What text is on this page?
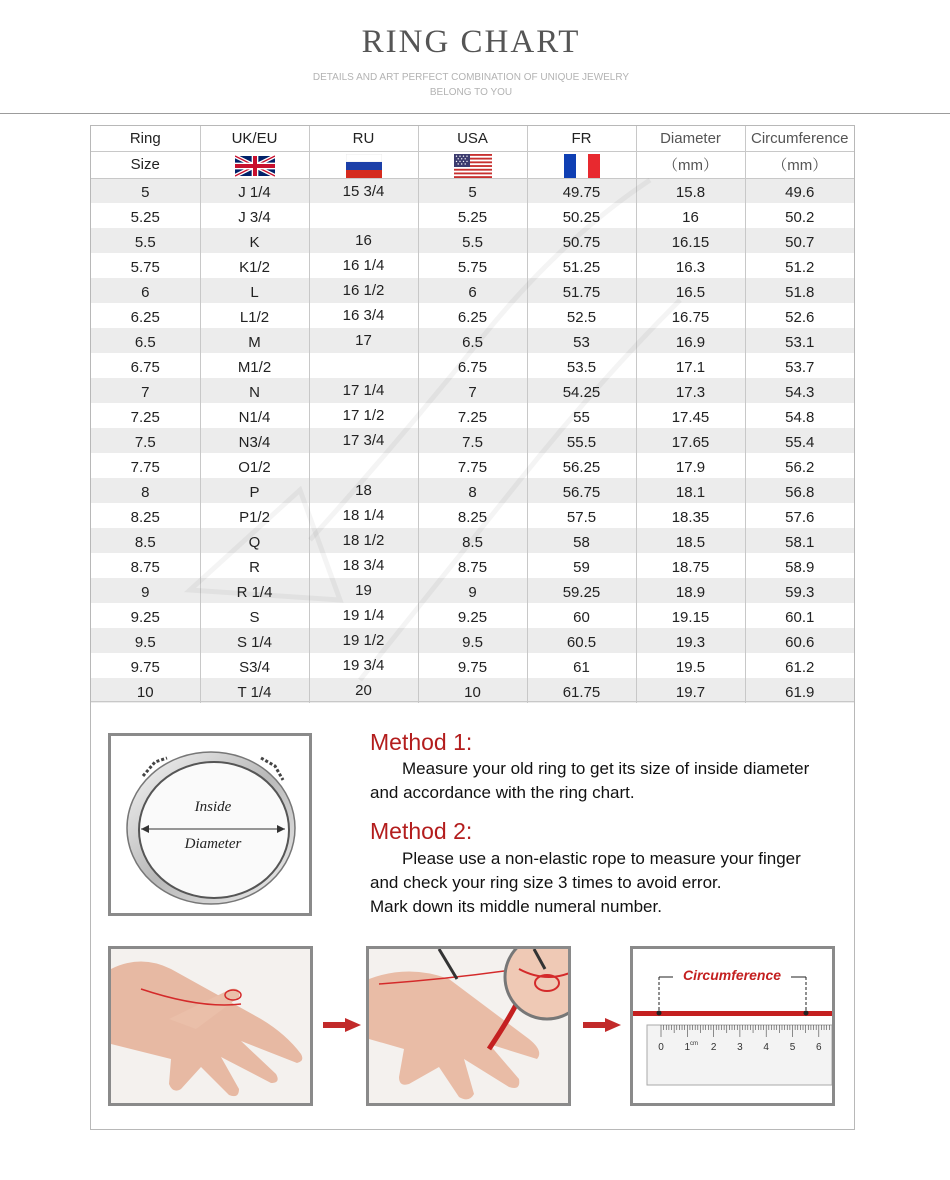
RING CHART
DETAILS AND ART PERFECT COMBINATION OF UNIQUE JEWELRY
BELONG TO YOU
Ring	UK/EU	RU	USA	FR	Diameter	Circumference
Size					（mm）	（mm）
5	J 1/4	15 3/4	5	49.75	15.8	49.6
5.25	J 3/4		5.25	50.25	16	50.2
5.5	K	16	5.5	50.75	16.15	50.7
5.75	K1/2	16 1/4	5.75	51.25	16.3	51.2
6	L	16 1/2	6	51.75	16.5	51.8
6.25	L1/2	16 3/4	6.25	52.5	16.75	52.6
6.5	M	17	6.5	53	16.9	53.1
6.75	M1/2		6.75	53.5	17.1	53.7
7	N	17 1/4	7	54.25	17.3	54.3
7.25	N1/4	17 1/2	7.25	55	17.45	54.8
7.5	N3/4	17 3/4	7.5	55.5	17.65	55.4
7.75	O1/2		7.75	56.25	17.9	56.2
8	P	18	8	56.75	18.1	56.8
8.25	P1/2	18 1/4	8.25	57.5	18.35	57.6
8.5	Q	18 1/2	8.5	58	18.5	58.1
8.75	R	18 3/4	8.75	59	18.75	58.9
9	R 1/4	19	9	59.25	18.9	59.3
9.25	S	19 1/4	9.25	60	19.15	60.1
9.5	S 1/4	19 1/2	9.5	60.5	19.3	60.6
9.75	S3/4	19 3/4	9.75	61	19.5	61.2
10	T 1/4	20	10	61.75	19.7	61.9
Inside
Diameter
Method 1:
Measure your old ring to get its size of inside diameter
and accordance with the ring chart.
Method 2:
Please use a non-elastic rope to measure your finger
and check your ring size 3 times to avoid error.
Mark down its middle numeral number.
Circumference
0 1 2 3 4 5 6
cm
